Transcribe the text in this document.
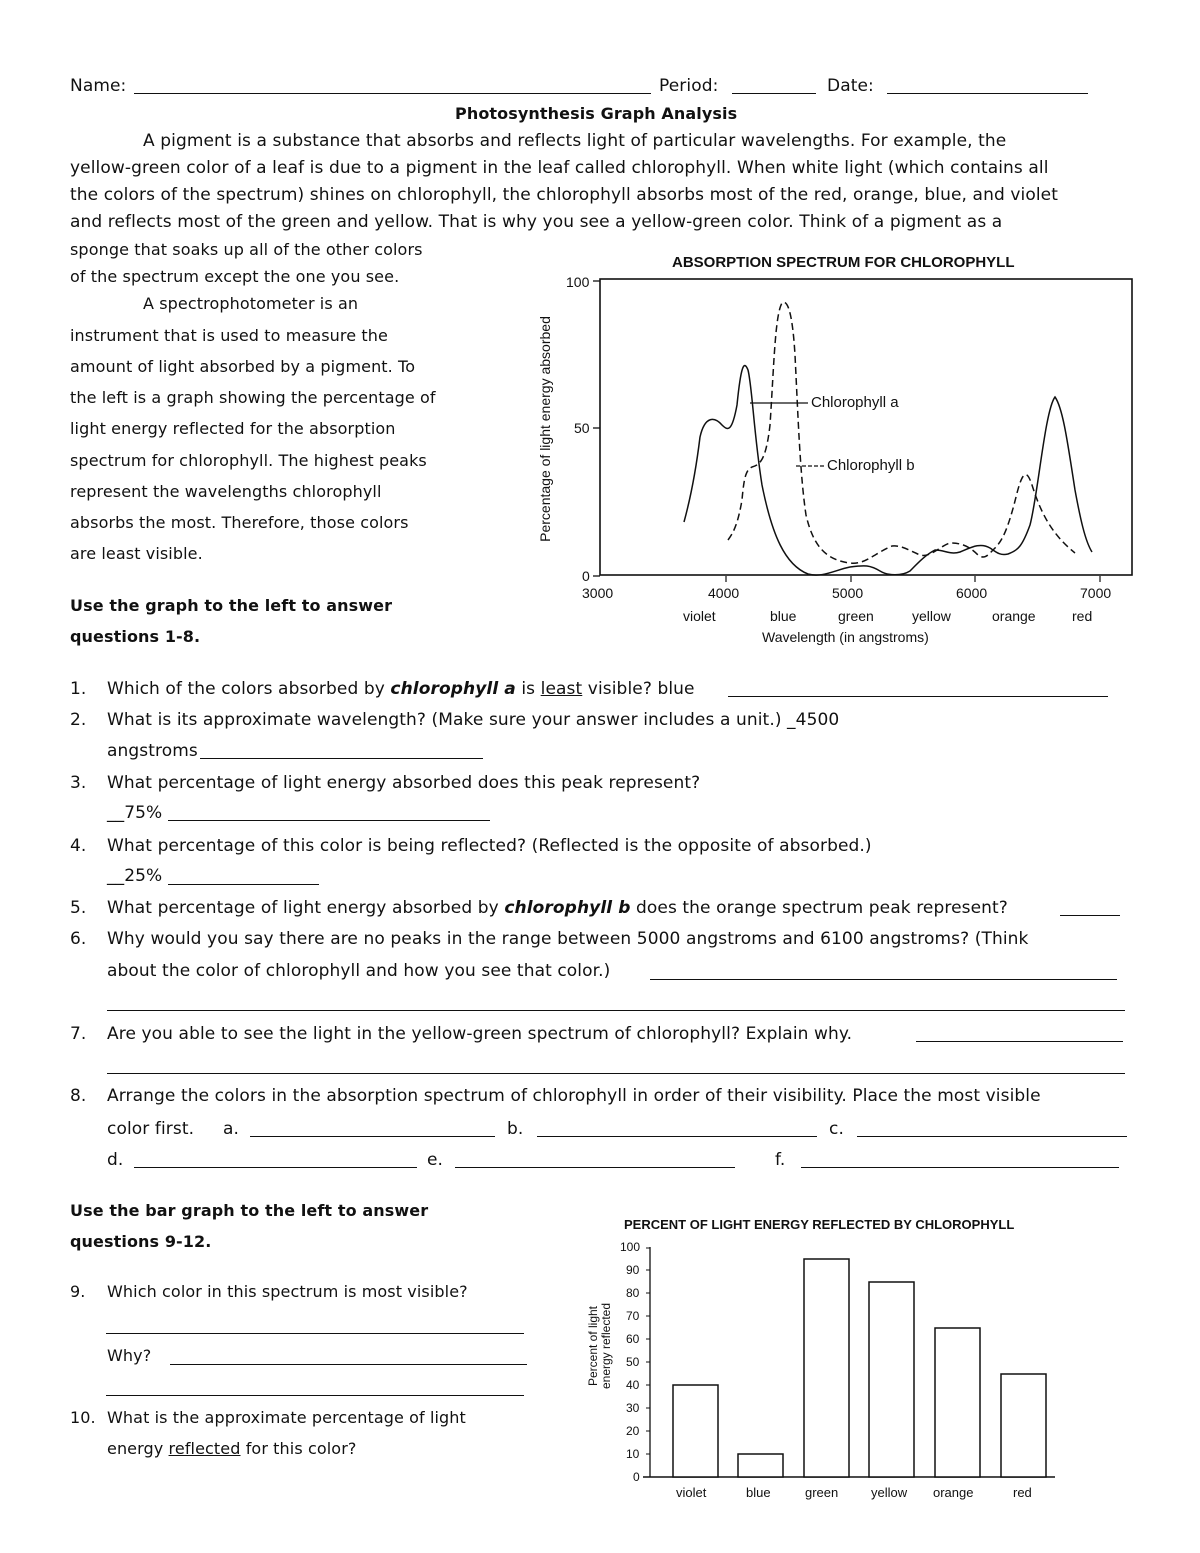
Name:	Period:	Date:
Photosynthesis Graph Analysis
A pigment is a substance that absorbs and reflects light of particular wavelengths. For example, the
yellow-green color of a leaf is due to a pigment in the leaf called chlorophyll. When white light (which contains all
the colors of the spectrum) shines on chlorophyll, the chlorophyll absorbs most of the red, orange, blue, and violet
and reflects most of the green and yellow. That is why you see a yellow-green color. Think of a pigment as a
sponge that soaks up all of the other colors
of the spectrum except the one you see.
A spectrophotometer is an
instrument that is used to measure the
amount of light absorbed by a pigment. To
the left is a graph showing the percentage of
light energy reflected for the absorption
spectrum for chlorophyll. The highest peaks
represent the wavelengths chlorophyll
absorbs the most. Therefore, those colors
are least visible.
Use the graph to the left to answer
questions 1-8.
ABSORPTION SPECTRUM FOR CHLOROPHYLL
Chlorophyll a
Chlorophyll b
100
50
0
Percentage of light energy absorbed
3000	4000	5000	6000	7000
violet	blue	green	yellow	orange	red
Wavelength (in angstroms)
1. Which of the colors absorbed by chlorophyll a is least visible? blue
2. What is its approximate wavelength? (Make sure your answer includes a unit.) _4500
angstroms
3. What percentage of light energy absorbed does this peak represent?
__75%
4. What percentage of this color is being reflected? (Reflected is the opposite of absorbed.)
__25%
5. What percentage of light energy absorbed by chlorophyll b does the orange spectrum peak represent?
6. Why would you say there are no peaks in the range between 5000 angstroms and 6100 angstroms? (Think
about the color of chlorophyll and how you see that color.)
7. Are you able to see the light in the yellow-green spectrum of chlorophyll? Explain why.
8. Arrange the colors in the absorption spectrum of chlorophyll in order of their visibility. Place the most visible
color first. a.	b.	c.
d.	e.	f.
Use the bar graph to the left to answer
questions 9-12.
9. Which color in this spectrum is most visible?
Why?
10. What is the approximate percentage of light
energy reflected for this color?
PERCENT OF LIGHT ENERGY REFLECTED BY CHLOROPHYLL
100
90
80
70
60
50
40
30
20
10
0
Percent of light energy reflected
violet	blue	green	yellow orange	red
